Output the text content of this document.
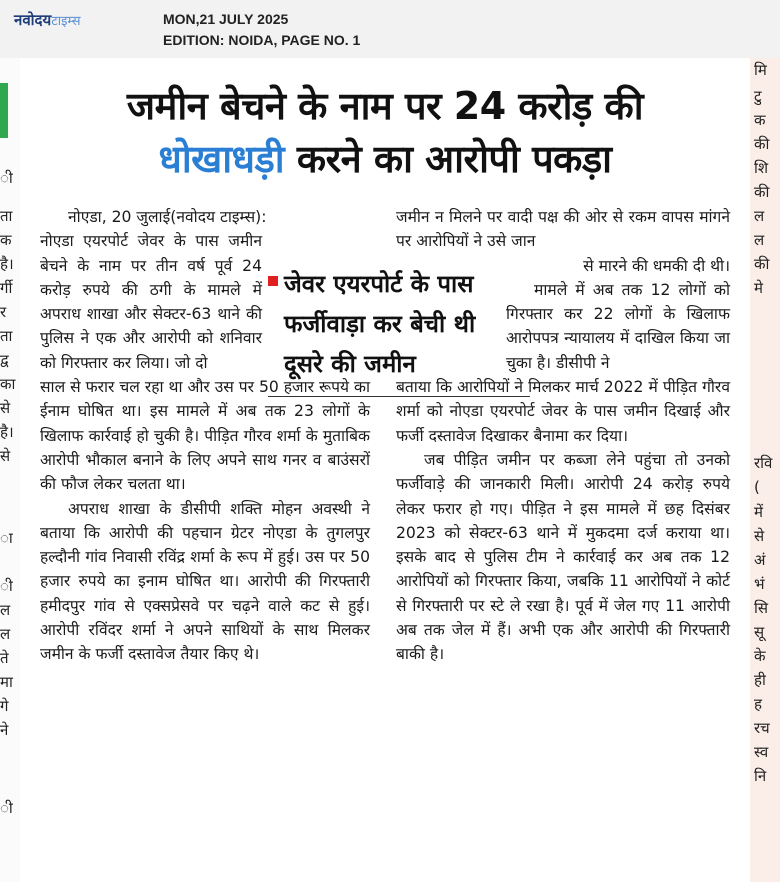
नवोदयटाइम्स	MON,21 JULY 2025
EDITION: NOIDA, PAGE NO. 1
ी
ता
क
है।
र्गी
र
ता
द्व
का
से
है।
से
ा
ी
ल
ल
ते
मा
गे
ने
ी
मि
टु
क
की
शि
की
ल
ल
की
मे
रवि
(
में
से
अं
भं
सि
सू
के
ही
ह
रच
स्व
नि
जमीन बेचने के नाम पर 24 करोड़ की
धोखाधड़ी करने का आरोपी पकड़ा

नोएडा, 20 जुलाई(नवोदय टाइम्स):

नोएडा एयरपोर्ट जेवर के पास जमीन बेचने के नाम पर तीन वर्ष पूर्व 24 करोड़ रुपये की ठगी के मामले में अपराध शाखा और सेक्टर-63 थाने की पुलिस ने एक और आरोपी को शनिवार को गिरफ्तार कर लिया। जो दो

साल से फरार चल रहा था और उस पर 50 हजार रूपये का ईनाम घोषित था। इस मामले में अब तक 23 लोगों के खिलाफ कार्रवाई हो चुकी है। पीड़ित गौरव शर्मा के मुताबिक आरोपी भौकाल बनाने के लिए अपने साथ गनर व बाउंसरों की फौज लेकर चलता था।

अपराध शाखा के डीसीपी शक्ति मोहन अवस्थी ने बताया कि आरोपी की पहचान ग्रेटर नोएडा के तुगलपुर हल्दौनी गांव निवासी रविंद्र शर्मा के रूप में हुई। उस पर 50 हजार रुपये का इनाम घोषित था। आरोपी की गिरफ्तारी हमीदपुर गांव से एक्सप्रेसवे पर चढ़ने वाले कट से हुई।आरोपी रविंदर शर्मा ने अपने साथियों के साथ मिलकर जमीन के फर्जी दस्तावेज तैयार किए थे।

जमीन न मिलने पर वादी पक्ष की ओर से रकम वापस मांगने पर आरोपियों ने उसे जान

से मारने की धमकी दी थी।

मामले में अब तक 12 लोगों को गिरफ्तार कर 22 लोगों के खिलाफ आरोपपत्र न्यायालय में दाखिल किया जा चुका है। डीसीपी ने

बताया कि आरोपियों ने मिलकर मार्च 2022 में पीड़ित गौरव शर्मा को नोएडा एयरपोर्ट जेवर के पास जमीन दिखाई और फर्जी दस्तावेज दिखाकर बैनामा कर दिया।

जब पीड़ित जमीन पर कब्जा लेने पहुंचा तो उनको फर्जीवाड़े की जानकारी मिली। आरोपी 24 करोड़ रुपये लेकर फरार हो गए। पीड़ित ने इस मामले में छह दिसंबर 2023 को सेक्टर-63 थाने में मुकदमा दर्ज कराया था। इसके बाद से पुलिस टीम ने कार्रवाई कर अब तक 12 आरोपियों को गिरफ्तार किया, जबकि 11 आरोपियों ने कोर्ट से गिरफ्तारी पर स्टे ले रखा है। पूर्व में जेल गए 11 आरोपी अब तक जेल में हैं। अभी एक और आरोपी की गिरफ्तारी बाकी है।

जेवर एयरपोर्ट के पास
फर्जीवाड़ा कर बेची थी
दूसरे की जमीन
